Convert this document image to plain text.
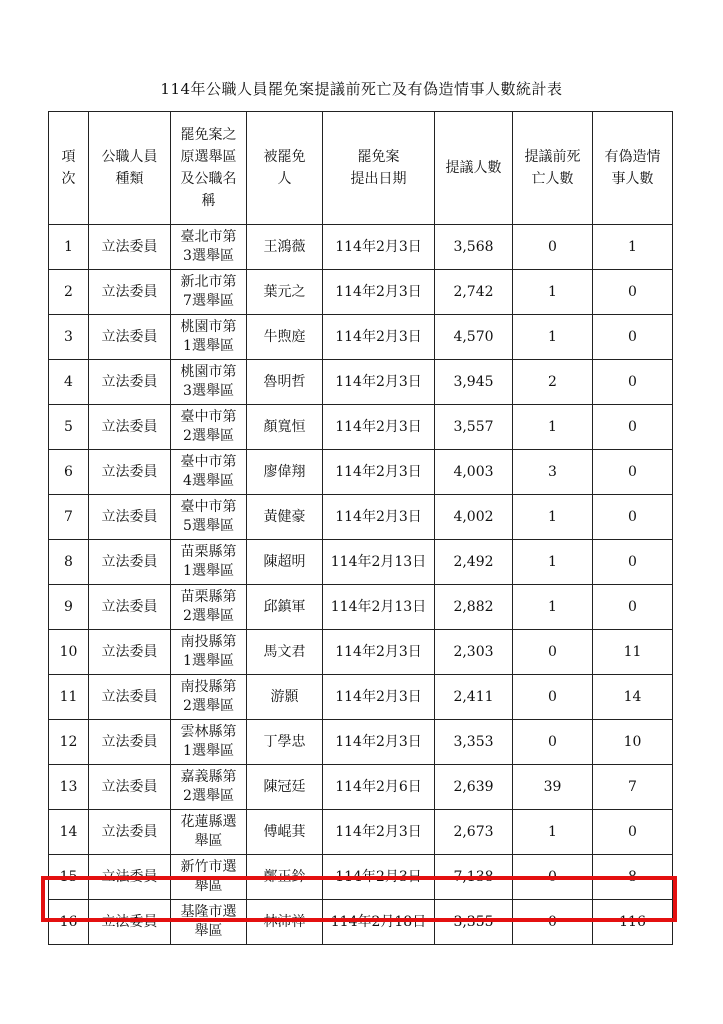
114年公職人員罷免案提議前死亡及有偽造情事人數統計表
項
次	公職人員
種類	罷免案之
原選舉區
及公職名
稱	被罷免
人	罷免案
提出日期	提議人數	提議前死
亡人數	有偽造情
事人數

1	立法委員	臺北市第
3選舉區	王鴻薇	114年2月3日	3,568	0	1

2	立法委員	新北市第
7選舉區	葉元之	114年2月3日	2,742	1	0

3	立法委員	桃園市第
1選舉區	牛煦庭	114年2月3日	4,570	1	0

4	立法委員	桃園市第
3選舉區	魯明哲	114年2月3日	3,945	2	0

5	立法委員	臺中市第
2選舉區	顏寬恒	114年2月3日	3,557	1	0

6	立法委員	臺中市第
4選舉區	廖偉翔	114年2月3日	4,003	3	0

7	立法委員	臺中市第
5選舉區	黃健豪	114年2月3日	4,002	1	0

8	立法委員	苗栗縣第
1選舉區	陳超明	114年2月13日	2,492	1	0

9	立法委員	苗栗縣第
2選舉區	邱鎮軍	114年2月13日	2,882	1	0

10	立法委員	南投縣第
1選舉區	馬文君	114年2月3日	2,303	0	11

11	立法委員	南投縣第
2選舉區	游顥	114年2月3日	2,411	0	14

12	立法委員	雲林縣第
1選舉區	丁學忠	114年2月3日	3,353	0	10

13	立法委員	嘉義縣第
2選舉區	陳冠廷	114年2月6日	2,639	39	7

14	立法委員	花蓮縣選
舉區	傅崐萁	114年2月3日	2,673	1	0

15	立法委員	新竹市選
舉區	鄭正鈐	114年2月3日	7,138	0	8

16	立法委員	基隆市選
舉區	林沛祥	114年2月18日	3,355	0	116
